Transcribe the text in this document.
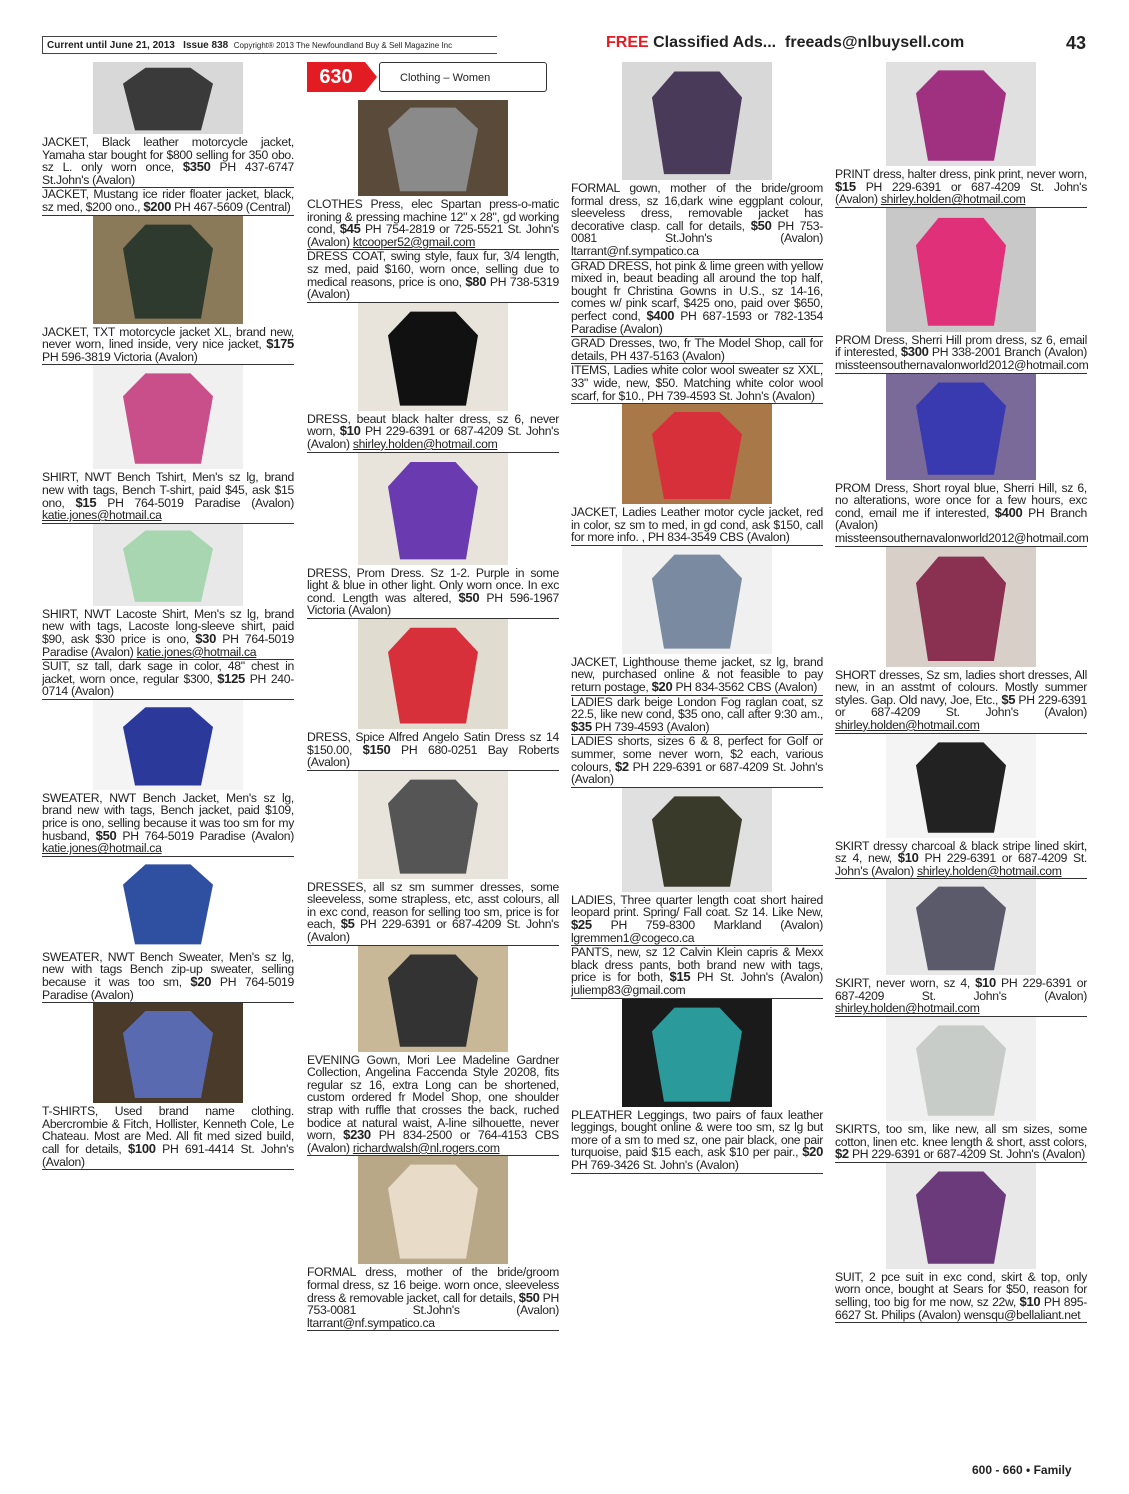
Current until June 21, 2013 Issue 838 Copyright® 2013 The Newfoundland Buy & Sell Magazine Inc	FREE Classified Ads... freeads@nlbuysell.com	43
JACKET, Black leather motorcycle jacket, Yamaha star bought for $800 selling for 350 obo. sz L. only worn once, $350 PH 437-6747 St.John's (Avalon)
JACKET, Mustang ice rider floater jacket, black, sz med, $200 ono., $200 PH 467-5609 (Central)
JACKET, TXT motorcycle jacket XL, brand new, never worn, lined inside, very nice jacket, $175 PH 596-3819 Victoria (Avalon)
SHIRT, NWT Bench Tshirt, Men's sz lg, brand new with tags, Bench T-shirt, paid $45, ask $15 ono, $15 PH 764-5019 Paradise (Avalon) katie.jones@hotmail.ca
SHIRT, NWT Lacoste Shirt, Men's sz lg, brand new with tags, Lacoste long-sleeve shirt, paid $90, ask $30 price is ono, $30 PH 764-5019 Paradise (Avalon) katie.jones@hotmail.ca
SUIT, sz tall, dark sage in color, 48" chest in jacket, worn once, regular $300, $125 PH 240-0714 (Avalon)
SWEATER, NWT Bench Jacket, Men's sz lg, brand new with tags, Bench jacket, paid $109, price is ono, selling because it was too sm for my husband, $50 PH 764-5019 Paradise (Avalon) katie.jones@hotmail.ca
SWEATER, NWT Bench Sweater, Men's sz lg, new with tags Bench zip-up sweater, selling because it was too sm, $20 PH 764-5019 Paradise (Avalon)
T-SHIRTS, Used brand name clothing. Abercrombie & Fitch, Hollister, Kenneth Cole, Le Chateau. Most are Med. All fit med sized build, call for details, $100 PH 691-4414 St. John's (Avalon)
630	Clothing – Women
CLOTHES Press, elec Spartan press-o-matic ironing & pressing machine 12" x 28", gd working cond, $45 PH 754-2819 or 725-5521 St. John's (Avalon) ktcooper52@gmail.com
DRESS COAT, swing style, faux fur, 3/4 length, sz med, paid $160, worn once, selling due to medical reasons, price is ono, $80 PH 738-5319 (Avalon)
DRESS, beaut black halter dress, sz 6, never worn, $10 PH 229-6391 or 687-4209 St. John's (Avalon) shirley.holden@hotmail.com
DRESS, Prom Dress. Sz 1-2. Purple in some light & blue in other light. Only worn once. In exc cond. Length was altered, $50 PH 596-1967 Victoria (Avalon)
DRESS, Spice Alfred Angelo Satin Dress sz 14 $150.00, $150 PH 680-0251 Bay Roberts (Avalon)
DRESSES, all sz sm summer dresses, some sleeveless, some strapless, etc, asst colours, all in exc cond, reason for selling too sm, price is for each, $5 PH 229-6391 or 687-4209 St. John's (Avalon)
EVENING Gown, Mori Lee Madeline Gardner Collection, Angelina Faccenda Style 20208, fits regular sz 16, extra Long can be shortened, custom ordered fr Model Shop, one shoulder strap with ruffle that crosses the back, ruched bodice at natural waist, A-line silhouette, never worn, $230 PH 834-2500 or 764-4153 CBS (Avalon) richardwalsh@nl.rogers.com
FORMAL dress, mother of the bride/groom formal dress, sz 16 beige. worn once, sleeveless dress & removable jacket, call for details, $50 PH 753-0081 St.John's (Avalon) ltarrant@nf.sympatico.ca
FORMAL gown, mother of the bride/groom formal dress, sz 16,dark wine eggplant colour, sleeveless dress, removable jacket has decorative clasp. call for details, $50 PH 753-0081 St.John's (Avalon) ltarrant@nf.sympatico.ca
GRAD DRESS, hot pink & lime green with yellow mixed in, beaut beading all around the top half, bought fr Christina Gowns in U.S., sz 14-16, comes w/ pink scarf, $425 ono, paid over $650, perfect cond, $400 PH 687-1593 or 782-1354 Paradise (Avalon)
GRAD Dresses, two, fr The Model Shop, call for details, PH 437-5163 (Avalon)
ITEMS, Ladies white color wool sweater sz XXL, 33" wide, new, $50. Matching white color wool scarf, for $10., PH 739-4593 St. John's (Avalon)
JACKET, Ladies Leather motor cycle jacket, red in color, sz sm to med, in gd cond, ask $150, call for more info. , PH 834-3549 CBS (Avalon)
JACKET, Lighthouse theme jacket, sz lg, brand new, purchased online & not feasible to pay return postage, $20 PH 834-3562 CBS (Avalon)
LADIES dark beige London Fog raglan coat, sz 22.5, like new cond, $35 ono, call after 9:30 am., $35 PH 739-4593 (Avalon)
LADIES shorts, sizes 6 & 8, perfect for Golf or summer, some never worn, $2 each, various colours, $2 PH 229-6391 or 687-4209 St. John's (Avalon)
LADIES, Three quarter length coat short haired leopard print. Spring/ Fall coat. Sz 14. Like New, $25 PH 759-8300 Markland (Avalon) lgremmen1@cogeco.ca
PANTS, new, sz 12 Calvin Klein capris & Mexx black dress pants, both brand new with tags, price is for both, $15 PH St. John's (Avalon) juliemp83@gmail.com
PLEATHER Leggings, two pairs of faux leather leggings, bought online & were too sm, sz lg but more of a sm to med sz, one pair black, one pair turquoise, paid $15 each, ask $10 per pair., $20 PH 769-3426 St. John's (Avalon)
PRINT dress, halter dress, pink print, never worn, $15 PH 229-6391 or 687-4209 St. John's (Avalon) shirley.holden@hotmail.com
PROM Dress, Sherri Hill prom dress, sz 6, email if interested, $300 PH 338-2001 Branch (Avalon) missteensouthernavalonworld2012@hotmail.com
PROM Dress, Short royal blue, Sherri Hill, sz 6, no alterations, wore once for a few hours, exc cond, email me if interested, $400 PH Branch (Avalon) missteensouthernavalonworld2012@hotmail.com
SHORT dresses, Sz sm, ladies short dresses, All new, in an asstmt of colours. Mostly summer styles. Gap. Old navy, Joe, Etc., $5 PH 229-6391 or 687-4209 St. John's (Avalon) shirley.holden@hotmail.com
SKIRT dressy charcoal & black stripe lined skirt, sz 4, new, $10 PH 229-6391 or 687-4209 St. John's (Avalon) shirley.holden@hotmail.com
SKIRT, never worn, sz 4, $10 PH 229-6391 or 687-4209 St. John's (Avalon) shirley.holden@hotmail.com
SKIRTS, too sm, like new, all sm sizes, some cotton, linen etc. knee length & short, asst colors, $2 PH 229-6391 or 687-4209 St. John's (Avalon)
SUIT, 2 pce suit in exc cond, skirt & top, only worn once, bought at Sears for $50, reason for selling, too big for me now, sz 22w, $10 PH 895-6627 St. Philips (Avalon) wensqu@bellaliant.net
600 - 660 • Family
